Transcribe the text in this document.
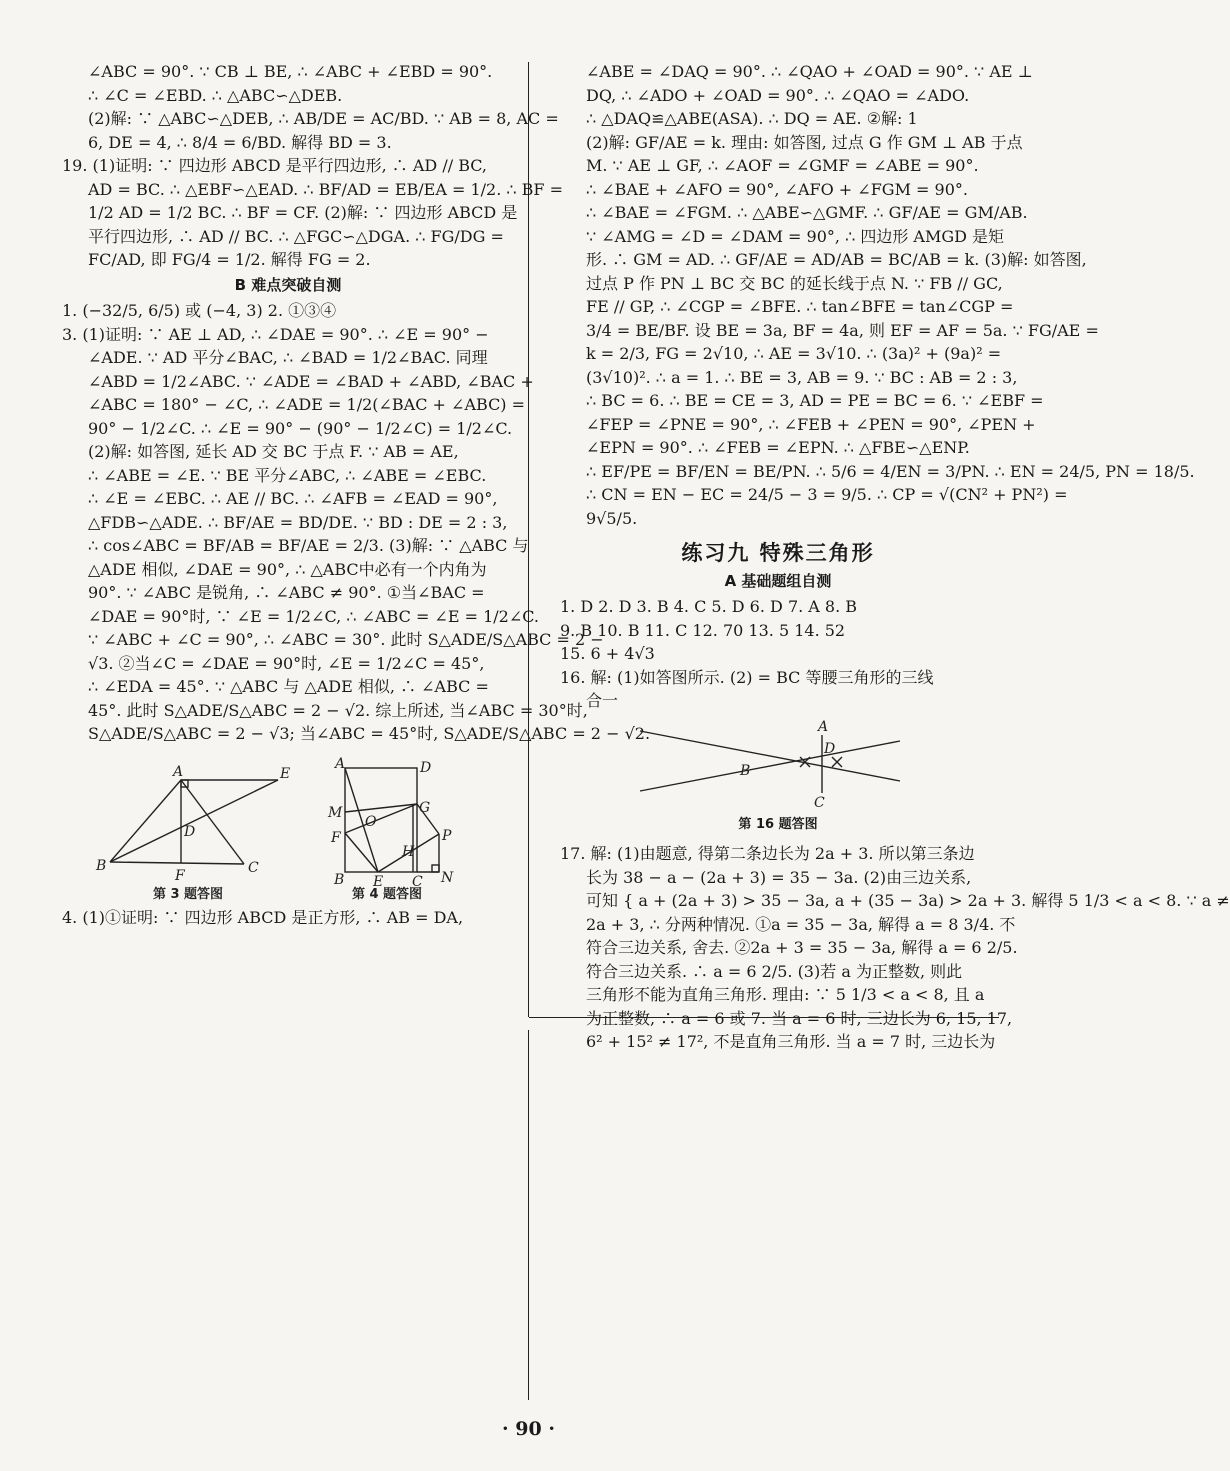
∠ABC = 90°. ∵ CB ⊥ BE, ∴ ∠ABC + ∠EBD = 90°.
∴ ∠C = ∠EBD. ∴ △ABC∽△DEB.
(2)解: ∵ △ABC∽△DEB, ∴ AB/DE = AC/BD. ∵ AB = 8, AC =
6, DE = 4, ∴ 8/4 = 6/BD. 解得 BD = 3.
19. (1)证明: ∵ 四边形 ABCD 是平行四边形, ∴ AD // BC,
AD = BC. ∴ △EBF∽△EAD. ∴ BF/AD = EB/EA = 1/2. ∴ BF =
1/2 AD = 1/2 BC. ∴ BF = CF. (2)解: ∵ 四边形 ABCD 是
平行四边形, ∴ AD // BC. ∴ △FGC∽△DGA. ∴ FG/DG =
FC/AD, 即 FG/4 = 1/2. 解得 FG = 2.
B 难点突破自测
1. (−32/5, 6/5) 或 (−4, 3) 2. ①③④
3. (1)证明: ∵ AE ⊥ AD, ∴ ∠DAE = 90°. ∴ ∠E = 90° −
∠ADE. ∵ AD 平分∠BAC, ∴ ∠BAD = 1/2∠BAC. 同理
∠ABD = 1/2∠ABC. ∵ ∠ADE = ∠BAD + ∠ABD, ∠BAC +
∠ABC = 180° − ∠C, ∴ ∠ADE = 1/2(∠BAC + ∠ABC) =
90° − 1/2∠C. ∴ ∠E = 90° − (90° − 1/2∠C) = 1/2∠C.
(2)解: 如答图, 延长 AD 交 BC 于点 F. ∵ AB = AE,
∴ ∠ABE = ∠E. ∵ BE 平分∠ABC, ∴ ∠ABE = ∠EBC.
∴ ∠E = ∠EBC. ∴ AE // BC. ∴ ∠AFB = ∠EAD = 90°,
△FDB∽△ADE. ∴ BF/AE = BD/DE. ∵ BD : DE = 2 : 3,
∴ cos∠ABC = BF/AB = BF/AE = 2/3. (3)解: ∵ △ABC 与
△ADE 相似, ∠DAE = 90°, ∴ △ABC中必有一个内角为
90°. ∵ ∠ABC 是锐角, ∴ ∠ABC ≠ 90°. ①当∠BAC =
∠DAE = 90°时, ∵ ∠E = 1/2∠C, ∴ ∠ABC = ∠E = 1/2∠C.
∵ ∠ABC + ∠C = 90°, ∴ ∠ABC = 30°. 此时 S△ADE/S△ABC = 2 −
√3. ②当∠C = ∠DAE = 90°时, ∠E = 1/2∠C = 45°,
∴ ∠EDA = 45°. ∵ △ABC 与 △ADE 相似, ∴ ∠ABC =
45°. 此时 S△ADE/S△ABC = 2 − √2. 综上所述, 当∠ABC = 30°时,
S△ADE/S△ABC = 2 − √3; 当∠ABC = 45°时, S△ADE/S△ABC = 2 − √2.
A	E
D
B
F	C
第 3 题答图
A	D
M
O
G
F
H
P
B E C N
第 4 题答图
4. (1)①证明: ∵ 四边形 ABCD 是正方形, ∴ AB = DA,
∠ABE = ∠DAQ = 90°. ∴ ∠QAO + ∠OAD = 90°. ∵ AE ⊥
DQ, ∴ ∠ADO + ∠OAD = 90°. ∴ ∠QAO = ∠ADO.
∴ △DAQ≌△ABE(ASA). ∴ DQ = AE. ②解: 1
(2)解: GF/AE = k. 理由: 如答图, 过点 G 作 GM ⊥ AB 于点
M. ∵ AE ⊥ GF, ∴ ∠AOF = ∠GMF = ∠ABE = 90°.
∴ ∠BAE + ∠AFO = 90°, ∠AFO + ∠FGM = 90°.
∴ ∠BAE = ∠FGM. ∴ △ABE∽△GMF. ∴ GF/AE = GM/AB.
∵ ∠AMG = ∠D = ∠DAM = 90°, ∴ 四边形 AMGD 是矩
形. ∴ GM = AD. ∴ GF/AE = AD/AB = BC/AB = k. (3)解: 如答图,
过点 P 作 PN ⊥ BC 交 BC 的延长线于点 N. ∵ FB // GC,
FE // GP, ∴ ∠CGP = ∠BFE. ∴ tan∠BFE = tan∠CGP =
3/4 = BE/BF. 设 BE = 3a, BF = 4a, 则 EF = AF = 5a. ∵ FG/AE =
k = 2/3, FG = 2√10, ∴ AE = 3√10. ∴ (3a)² + (9a)² =
(3√10)². ∴ a = 1. ∴ BE = 3, AB = 9. ∵ BC : AB = 2 : 3,
∴ BC = 6. ∴ BE = CE = 3, AD = PE = BC = 6. ∵ ∠EBF =
∠FEP = ∠PNE = 90°, ∴ ∠FEB + ∠PEN = 90°, ∠PEN +
∠EPN = 90°. ∴ ∠FEB = ∠EPN. ∴ △FBE∽△ENP.
∴ EF/PE = BF/EN = BE/PN. ∴ 5/6 = 4/EN = 3/PN. ∴ EN = 24/5, PN = 18/5.
∴ CN = EN − EC = 24/5 − 3 = 9/5. ∴ CP = √(CN² + PN²) =
9√5/5.
练习九 特殊三角形
A 基础题组自测
1. D 2. D 3. B 4. C 5. D 6. D 7. A 8. B
9. B 10. B 11. C 12. 70 13. 5 14. 52
15. 6 + 4√3
16. 解: (1)如答图所示. (2) = BC 等腰三角形的三线
合一
A
D
B
C
第 16 题答图
17. 解: (1)由题意, 得第二条边长为 2a + 3. 所以第三条边
长为 38 − a − (2a + 3) = 35 − 3a. (2)由三边关系,
可知 { a + (2a + 3) > 35 − 3a, a + (35 − 3a) > 2a + 3. 解得 5 1/3 < a < 8. ∵ a ≠
2a + 3, ∴ 分两种情况. ①a = 35 − 3a, 解得 a = 8 3/4. 不
符合三边关系, 舍去. ②2a + 3 = 35 − 3a, 解得 a = 6 2/5.
符合三边关系. ∴ a = 6 2/5. (3)若 a 为正整数, 则此
三角形不能为直角三角形. 理由: ∵ 5 1/3 < a < 8, 且 a
为正整数, ∴ a = 6 或 7. 当 a = 6 时, 三边长为 6, 15, 17,
6² + 15² ≠ 17², 不是直角三角形. 当 a = 7 时, 三边长为
· 90 ·
